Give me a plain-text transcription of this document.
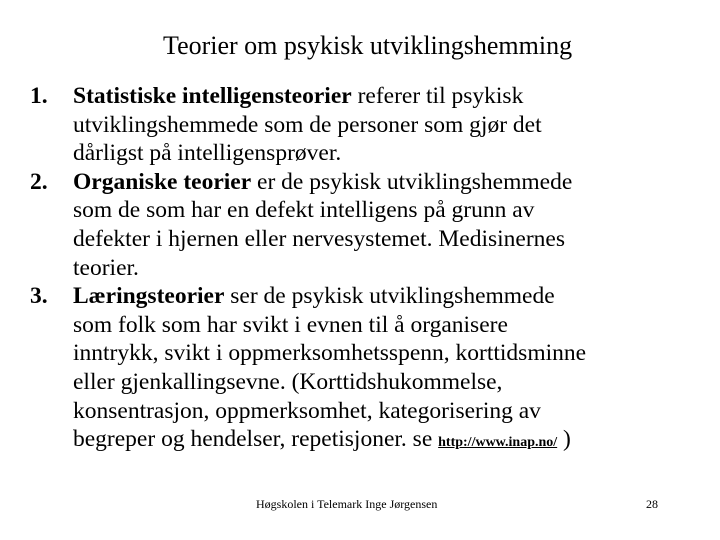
Teorier om psykisk utviklingshemming
1. Statistiske intelligensteorier referer til psykisk
utviklingshemmede som de personer som gjør det
dårligst på intelligensprøver.
2. Organiske teorier er de psykisk utviklingshemmede
som de som har en defekt intelligens på grunn av
defekter i hjernen eller nervesystemet. Medisinernes
teorier.
3. Læringsteorier ser de psykisk utviklingshemmede
som folk som har svikt i evnen til å organisere
inntrykk, svikt i oppmerksomhetsspenn, korttidsminne
eller gjenkallingsevne. (Korttidshukommelse,
konsentrasjon, oppmerksomhet, kategorisering av
begreper og hendelser, repetisjoner. se http://www.inap.no/ )
Høgskolen i Telemark Inge Jørgensen	28
